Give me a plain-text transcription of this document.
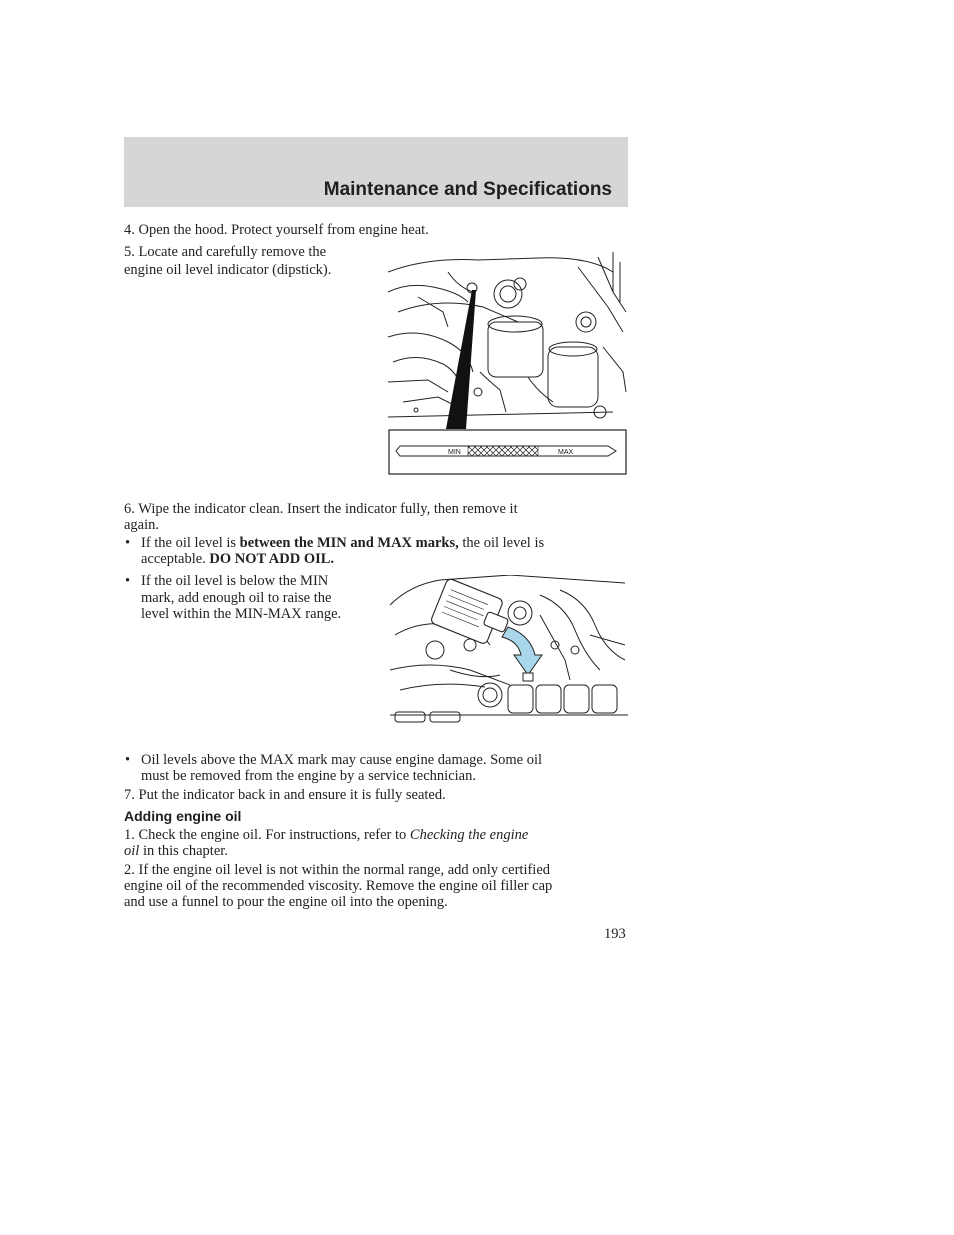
Maintenance and Specifications

4. Open the hood. Protect yourself from engine heat.

5. Locate and carefully remove the

engine oil level indicator (dipstick).

MIN	MAX

6. Wipe the indicator clean. Insert the indicator fully, then remove it

again.

• If the oil level is between the MIN and MAX marks, the oil level is

acceptable. DO NOT ADD OIL.

• If the oil level is below the MIN

mark, add enough oil to raise the

level within the MIN-MAX range.

• Oil levels above the MAX mark may cause engine damage. Some oil

must be removed from the engine by a service technician.

7. Put the indicator back in and ensure it is fully seated.

Adding engine oil

1. Check the engine oil. For instructions, refer to Checking the engine

oil in this chapter.

2. If the engine oil level is not within the normal range, add only certified

engine oil of the recommended viscosity. Remove the engine oil filler cap

and use a funnel to pour the engine oil into the opening.

193
